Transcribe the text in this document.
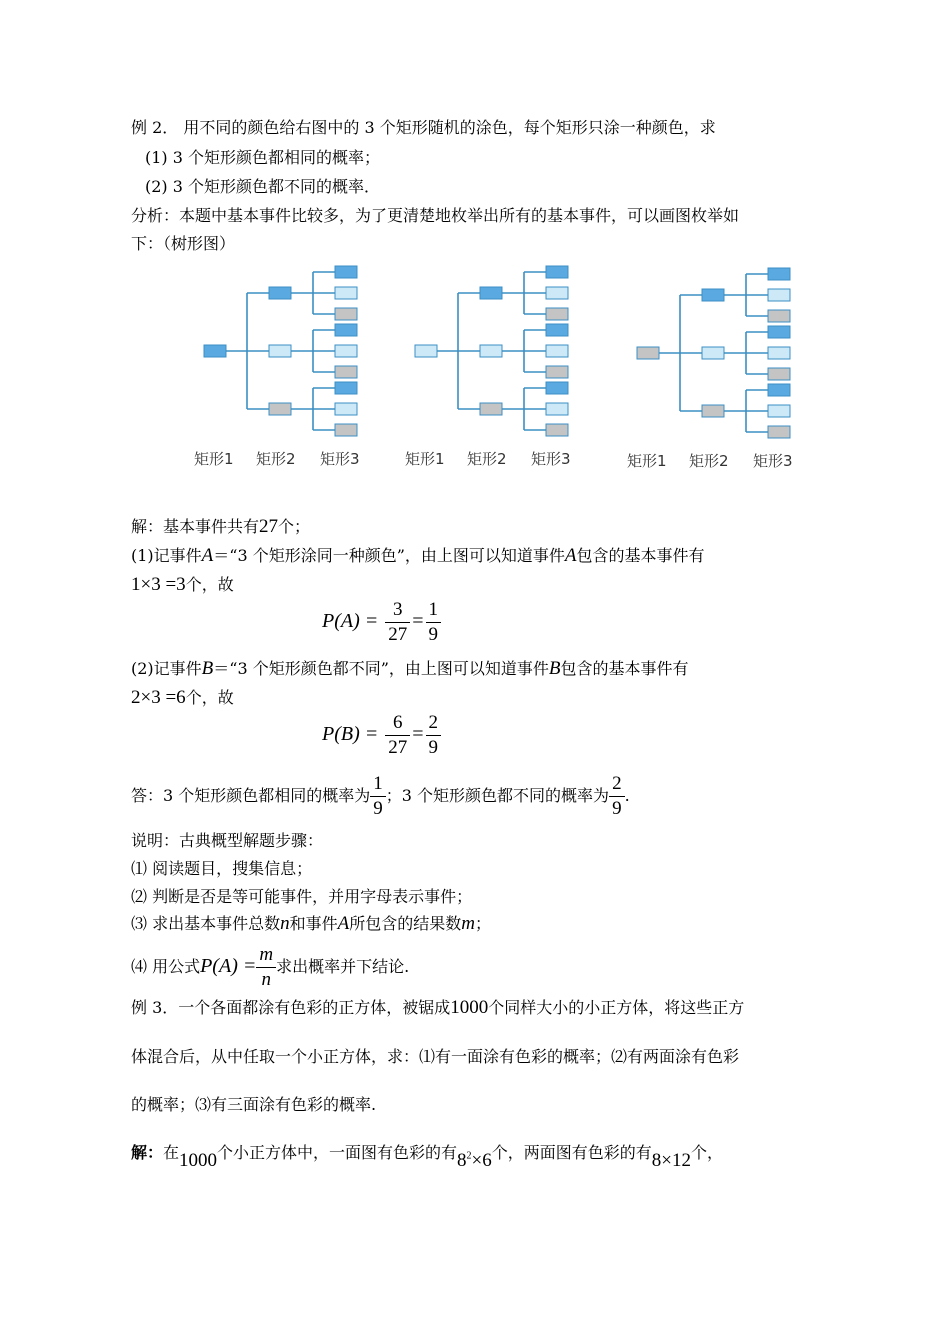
例 2． 用不同的颜色给右图中的 3 个矩形随机的涂色，每个矩形只涂一种颜色，求
(1) 3 个矩形颜色都相同的概率；
(2) 3 个矩形颜色都不同的概率．
分析：本题中基本事件比较多，为了更清楚地枚举出所有的基本事件，可以画图枚举如
下：（树形图）
矩形1 矩形2 矩形3	矩形1 矩形2 矩形3	矩形1 矩形2 矩形3
解：基本事件共有27个；
(1)记事件A＝“3 个矩形涂同一种颜色”，由上图可以知道事件A包含的基本事件有
1×3 =3个，故
$P(A) = \frac{3}{27} = \frac{1}{9}$
(2)记事件B＝“3 个矩形颜色都不同”，由上图可以知道事件B包含的基本事件有
2×3 =6个，故
$P(B) = \frac{6}{27} = \frac{2}{9}$
答：3 个矩形颜色都相同的概率为 $\frac{1}{9}$ ；3 个矩形颜色都不同的概率为 $\frac{2}{9}$ .
说明：古典概型解题步骤：
⑴ 阅读题目，搜集信息；
⑵ 判断是否是等可能事件，并用字母表示事件；
⑶ 求出基本事件总数n和事件A所包含的结果数m；
⑷ 用公式$P(A) = \frac{m}{n}$ 求出概率并下结论.
例 3．一个各面都涂有色彩的正方体，被锯成1000个同样大小的小正方体，将这些正方
体混合后，从中任取一个小正方体，求：⑴有一面涂有色彩的概率；⑵有两面涂有色彩
的概率；⑶有三面涂有色彩的概率.
解：在1000个小正方体中，一面图有色彩的有$8^2\times 6$个，两面图有色彩的有8×12个，
